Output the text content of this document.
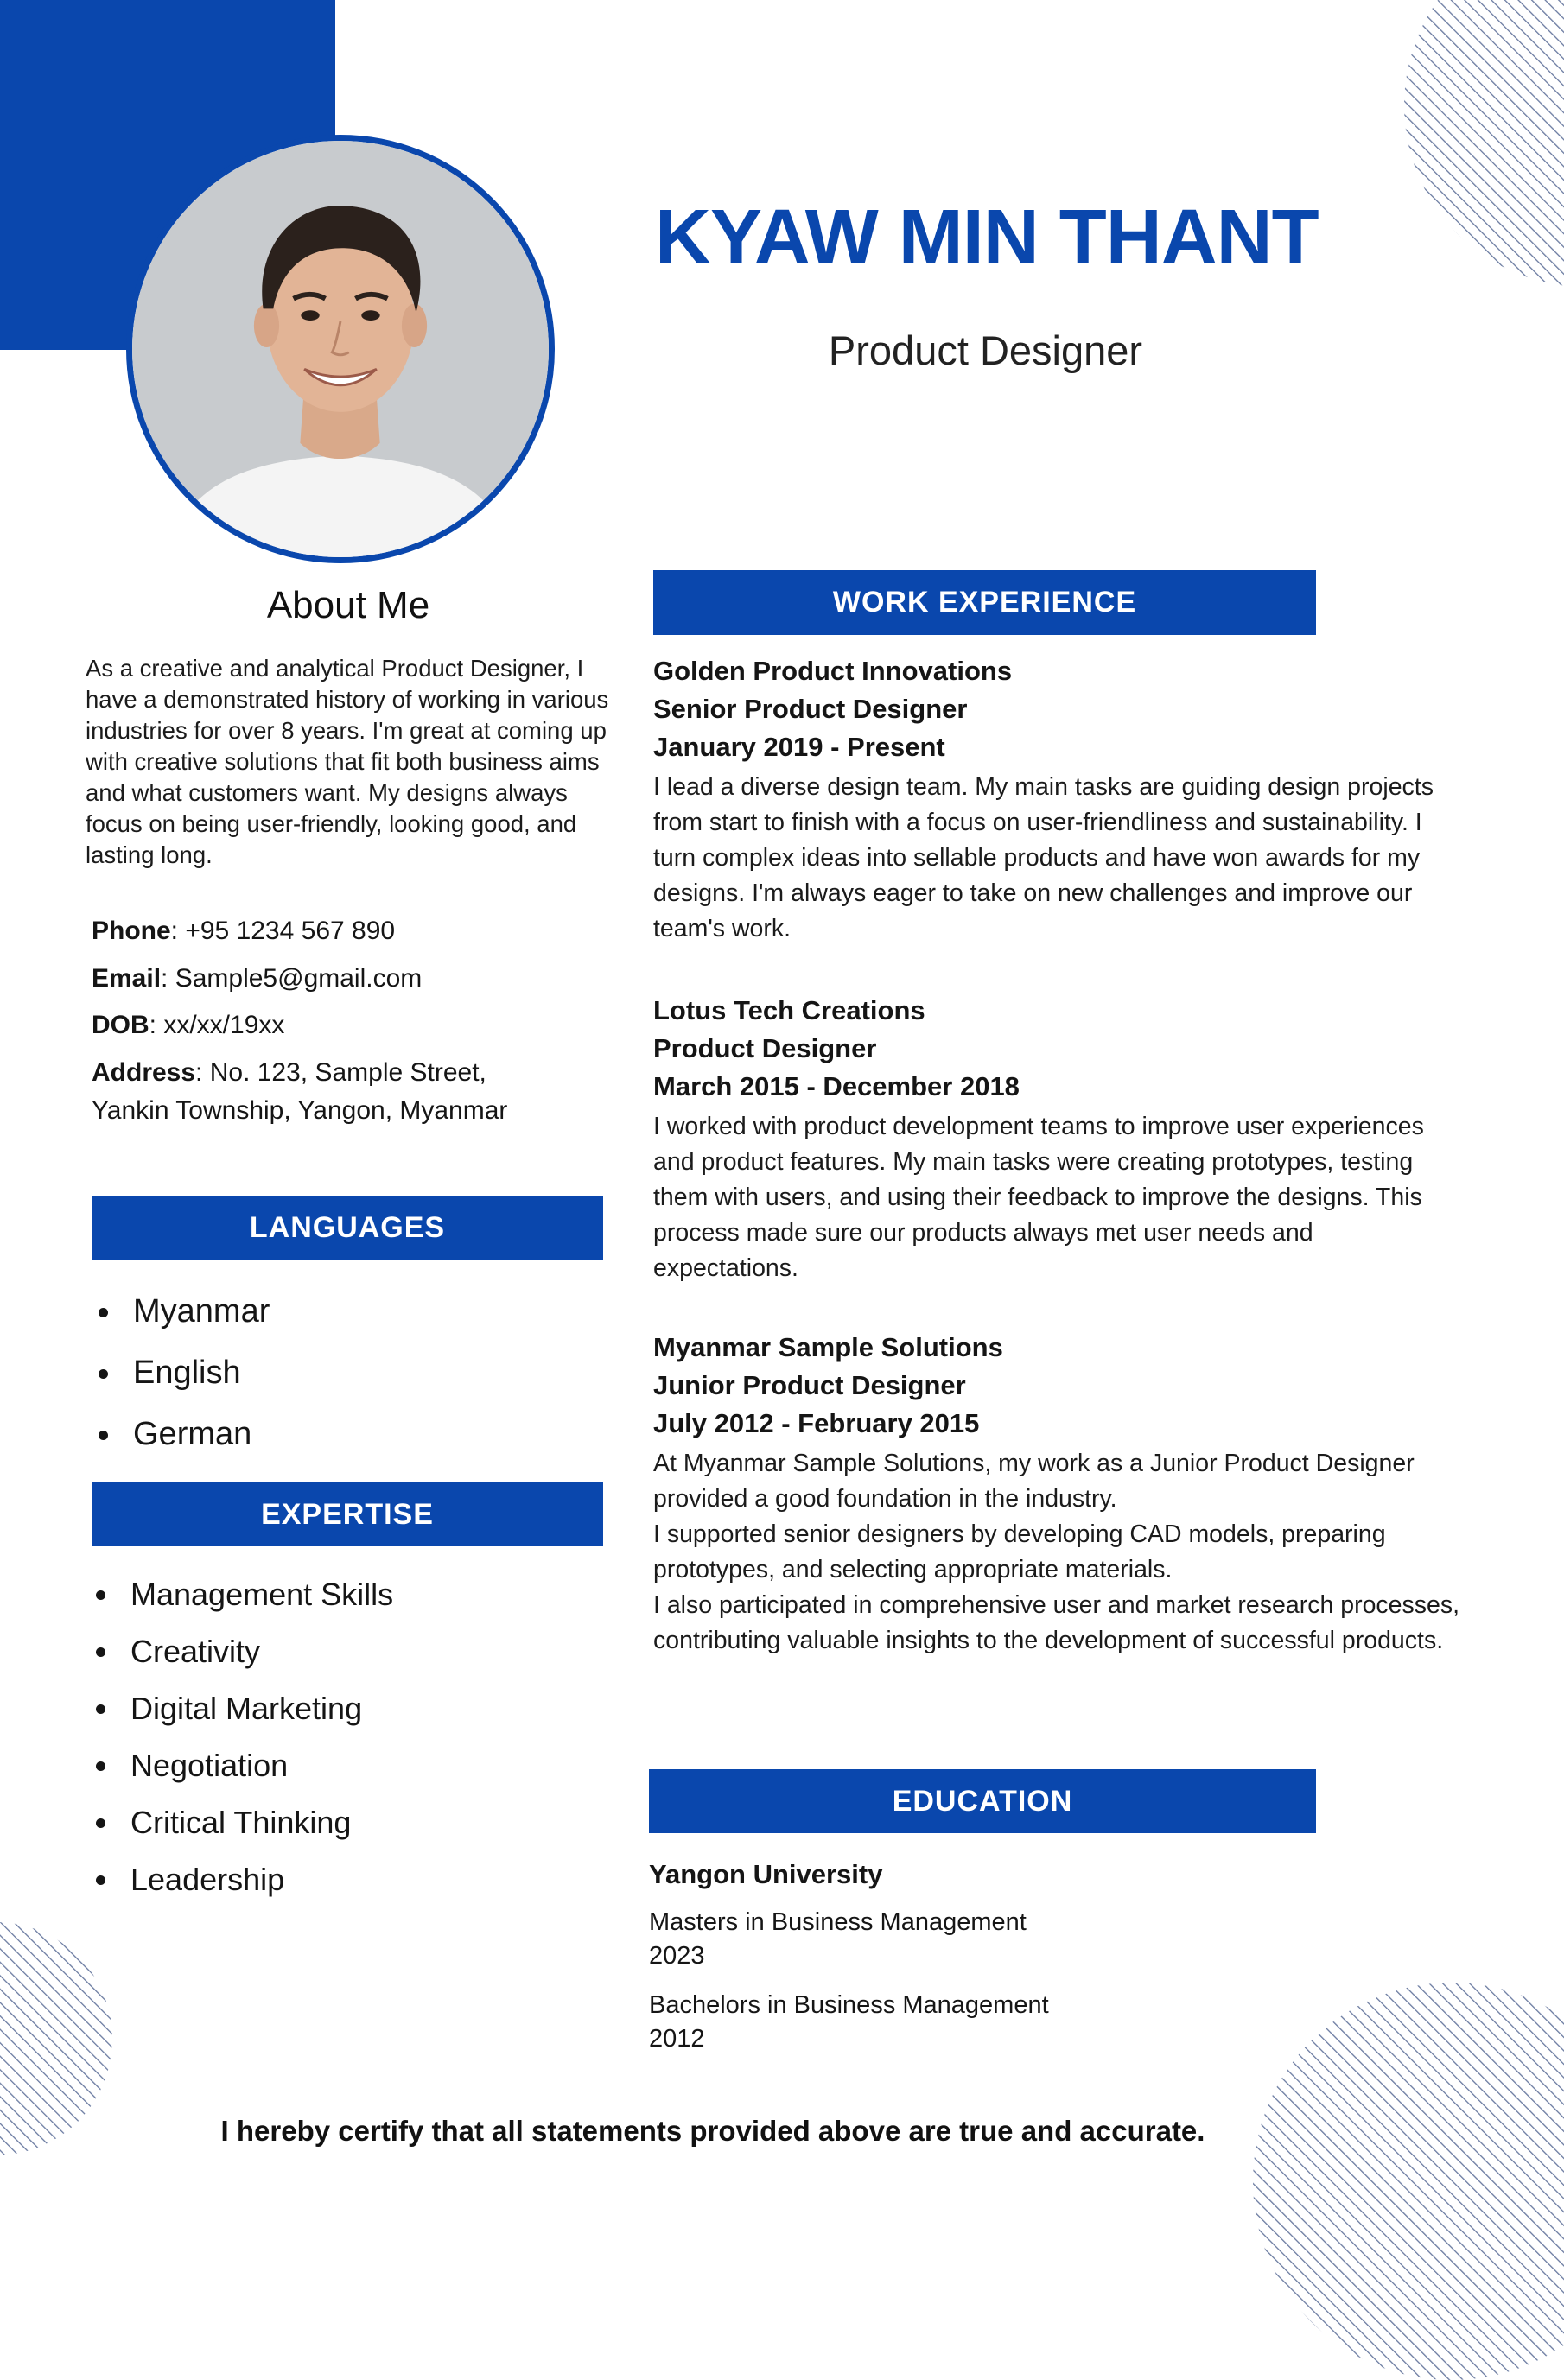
KYAW MIN THANT

Product Designer

About Me

As a creative and analytical Product Designer, I have a demonstrated history of working in various industries for over 8 years. I'm great at coming up with creative solutions that fit both business aims and what customers want. My designs always focus on being user-friendly, looking good, and lasting long.

Phone: +95 1234 567 890
Email: Sample5@gmail.com
DOB: xx/xx/19xx
Address: No. 123, Sample Street,
Yankin Township, Yangon, Myanmar
LANGUAGES
Myanmar
English
German
EXPERTISE
Management Skills
Creativity
Digital Marketing
Negotiation
Critical Thinking
Leadership
WORK EXPERIENCE
Golden Product Innovations
Senior Product Designer
January 2019 - Present

I lead a diverse design team. My main tasks are guiding design projects from start to finish with a focus on user-friendliness and sustainability. I turn complex ideas into sellable products and have won awards for my designs. I'm always eager to take on new challenges and improve our team's work.

Lotus Tech Creations
Product Designer
March 2015 - December 2018

I worked with product development teams to improve user experiences and product features. My main tasks were creating prototypes, testing them with users, and using their feedback to improve the designs. This process made sure our products always met user needs and expectations.

Myanmar Sample Solutions
Junior Product Designer
July 2012 - February 2015

At Myanmar Sample Solutions, my work as a Junior Product Designer provided a good foundation in the industry.
I supported senior designers by developing CAD models, preparing prototypes, and selecting appropriate materials.
I also participated in comprehensive user and market research processes, contributing valuable insights to the development of successful products.

EDUCATION
Yangon University
Masters in Business Management
2023
Bachelors in Business Management
2012

I hereby certify that all statements provided above are true and accurate.
